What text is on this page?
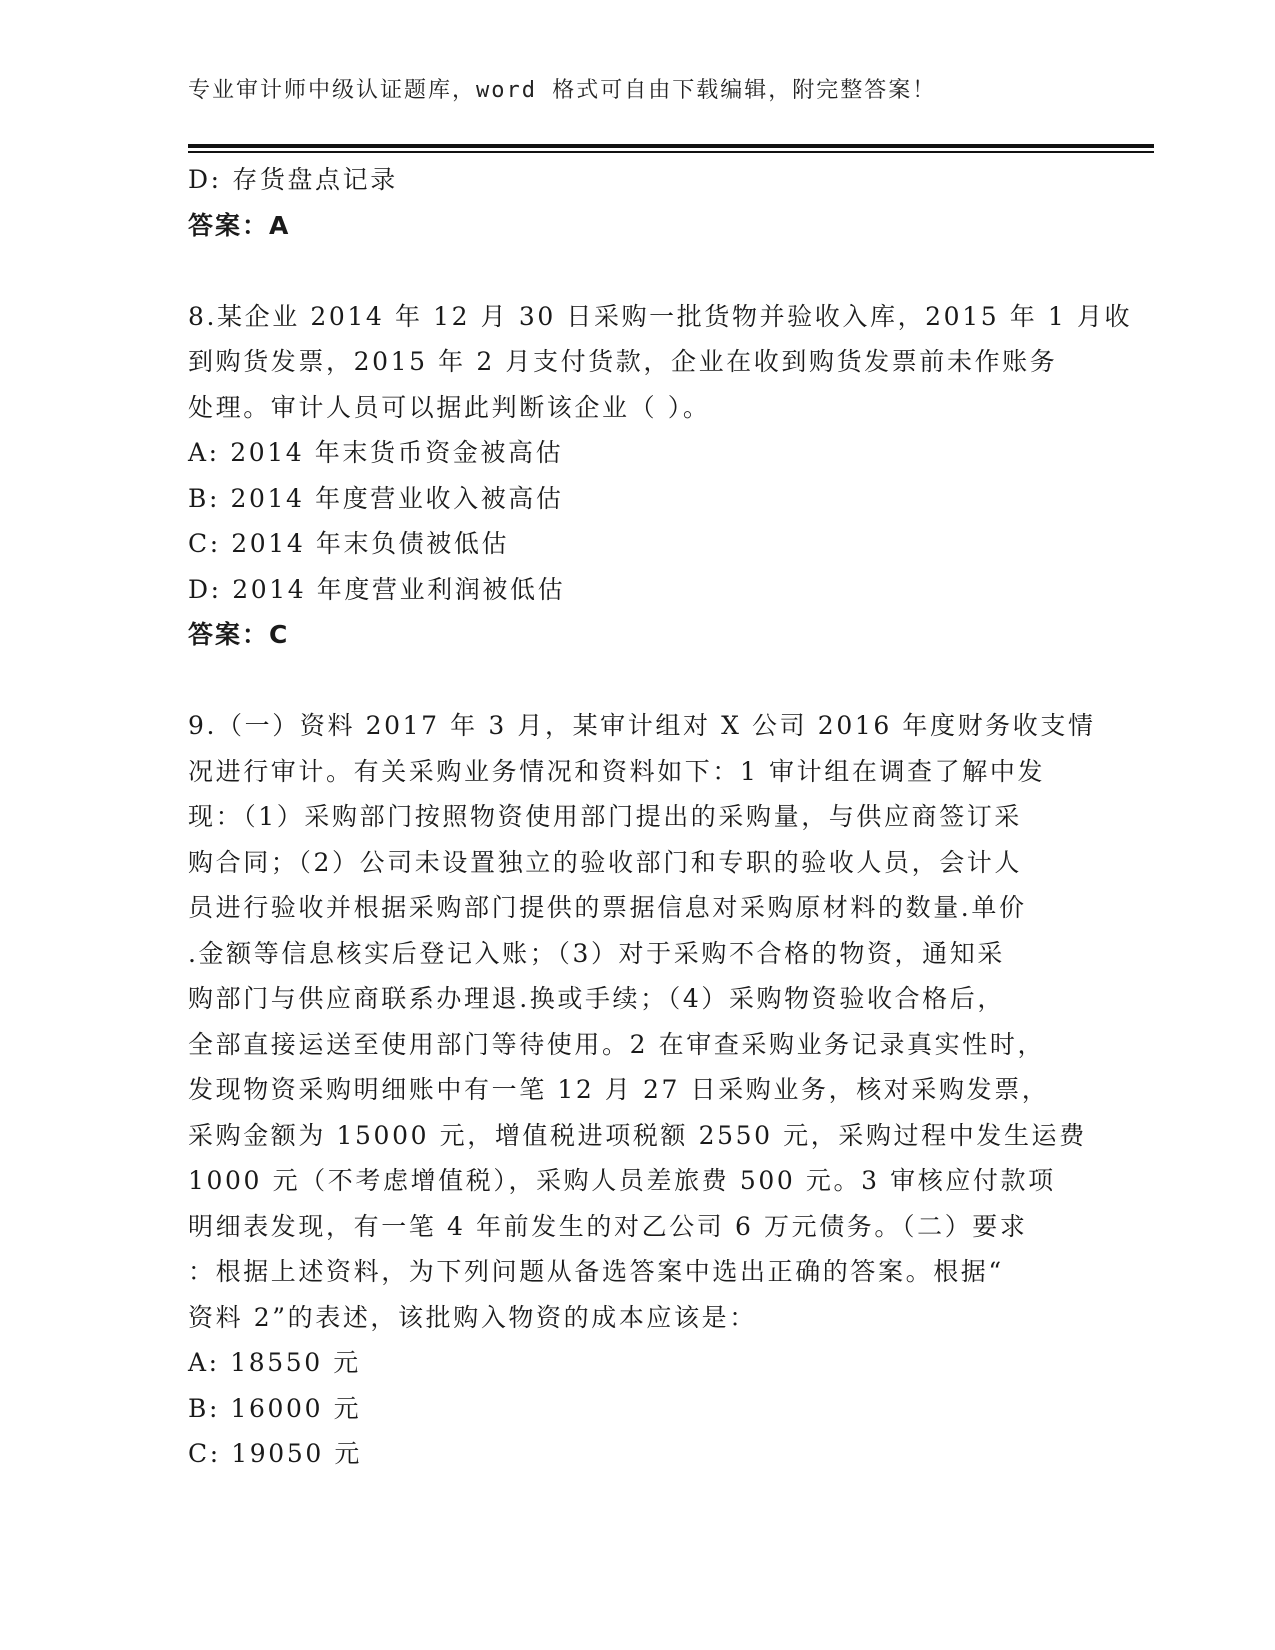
专业审计师中级认证题库，word 格式可自由下载编辑，附完整答案！
D: 存货盘点记录
答案：A
8.某企业 2014 年 12 月 30 日采购一批货物并验收入库，2015 年 1 月收
到购货发票，2015 年 2 月支付货款，企业在收到购货发票前未作账务
处理。审计人员可以据此判断该企业（ ）。
A: 2014 年末货币资金被高估
B: 2014 年度营业收入被高估
C: 2014 年末负债被低估
D: 2014 年度营业利润被低估
答案：C
9.（一）资料 2017 年 3 月，某审计组对 X 公司 2016 年度财务收支情
况进行审计。有关采购业务情况和资料如下：1 审计组在调查了解中发
现：（1）采购部门按照物资使用部门提出的采购量，与供应商签订采
购合同；（2）公司未设置独立的验收部门和专职的验收人员，会计人
员进行验收并根据采购部门提供的票据信息对采购原材料的数量.单价
.金额等信息核实后登记入账；（3）对于采购不合格的物资，通知采
购部门与供应商联系办理退.换或手续；（4）采购物资验收合格后，
全部直接运送至使用部门等待使用。2 在审查采购业务记录真实性时，
发现物资采购明细账中有一笔 12 月 27 日采购业务，核对采购发票，
采购金额为 15000 元，增值税进项税额 2550 元，采购过程中发生运费
1000 元（不考虑增值税），采购人员差旅费 500 元。3 审核应付款项
明细表发现，有一笔 4 年前发生的对乙公司 6 万元债务。（二）要求
：根据上述资料，为下列问题从备选答案中选出正确的答案。根据“
资料 2”的表述，该批购入物资的成本应该是：
A: 18550 元
B: 16000 元
C: 19050 元
